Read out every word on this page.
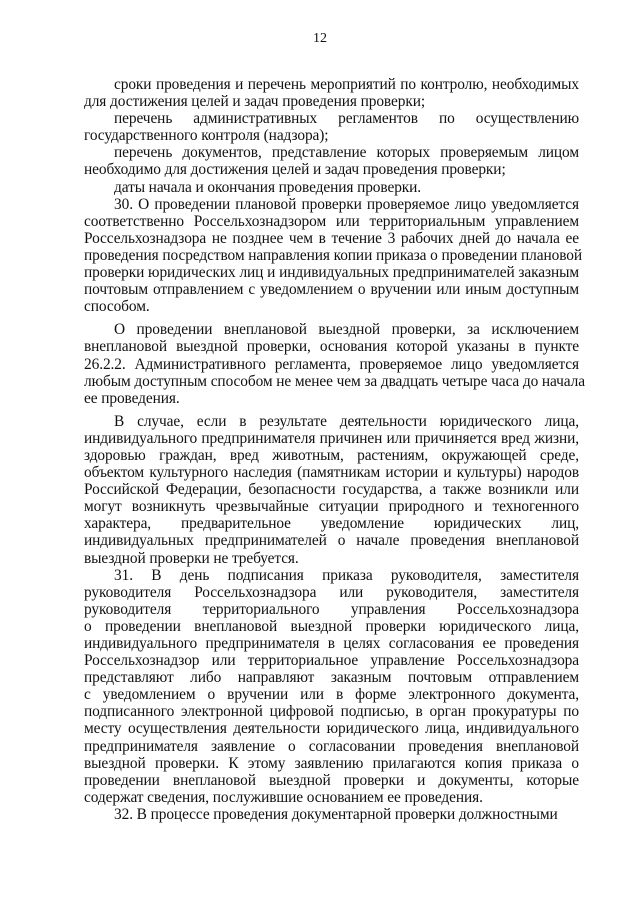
12
сроки проведения и перечень мероприятий по контролю, необходимых
для достижения целей и задач проведения проверки;
перечень административных регламентов по осуществлению
государственного контроля (надзора);
перечень документов, представление которых проверяемым лицом
необходимо для достижения целей и задач проведения проверки;
даты начала и окончания проведения проверки.
30. О проведении плановой проверки проверяемое лицо уведомляется
соответственно Россельхознадзором или территориальным управлением
Россельхознадзора не позднее чем в течение 3 рабочих дней до начала ее
проведения посредством направления копии приказа о проведении плановой
проверки юридических лиц и индивидуальных предпринимателей заказным
почтовым отправлением с уведомлением о вручении или иным доступным
способом.
О проведении внеплановой выездной проверки, за исключением
внеплановой выездной проверки, основания которой указаны в пункте
26.2.2. Административного регламента, проверяемое лицо уведомляется
любым доступным способом не менее чем за двадцать четыре часа до начала
ее проведения.
В случае, если в результате деятельности юридического лица,
индивидуального предпринимателя причинен или причиняется вред жизни,
здоровью граждан, вред животным, растениям, окружающей среде,
объектом культурного наследия (памятникам истории и культуры) народов
Российской Федерации, безопасности государства, а также возникли или
могут возникнуть чрезвычайные ситуации природного и техногенного
характера, предварительное уведомление юридических лиц,
индивидуальных предпринимателей о начале проведения внеплановой
выездной проверки не требуется.
31. В день подписания приказа руководителя, заместителя
руководителя Россельхознадзора или руководителя, заместителя
руководителя территориального управления Россельхознадзора
о проведении внеплановой выездной проверки юридического лица,
индивидуального предпринимателя в целях согласования ее проведения
Россельхознадзор или территориальное управление Россельхознадзора
представляют либо направляют заказным почтовым отправлением
с уведомлением о вручении или в форме электронного документа,
подписанного электронной цифровой подписью, в орган прокуратуры по
месту осуществления деятельности юридического лица, индивидуального
предпринимателя заявление о согласовании проведения внеплановой
выездной проверки. К этому заявлению прилагаются копия приказа о
проведении внеплановой выездной проверки и документы, которые
содержат сведения, послужившие основанием ее проведения.
32. В процессе проведения документарной проверки должностными
